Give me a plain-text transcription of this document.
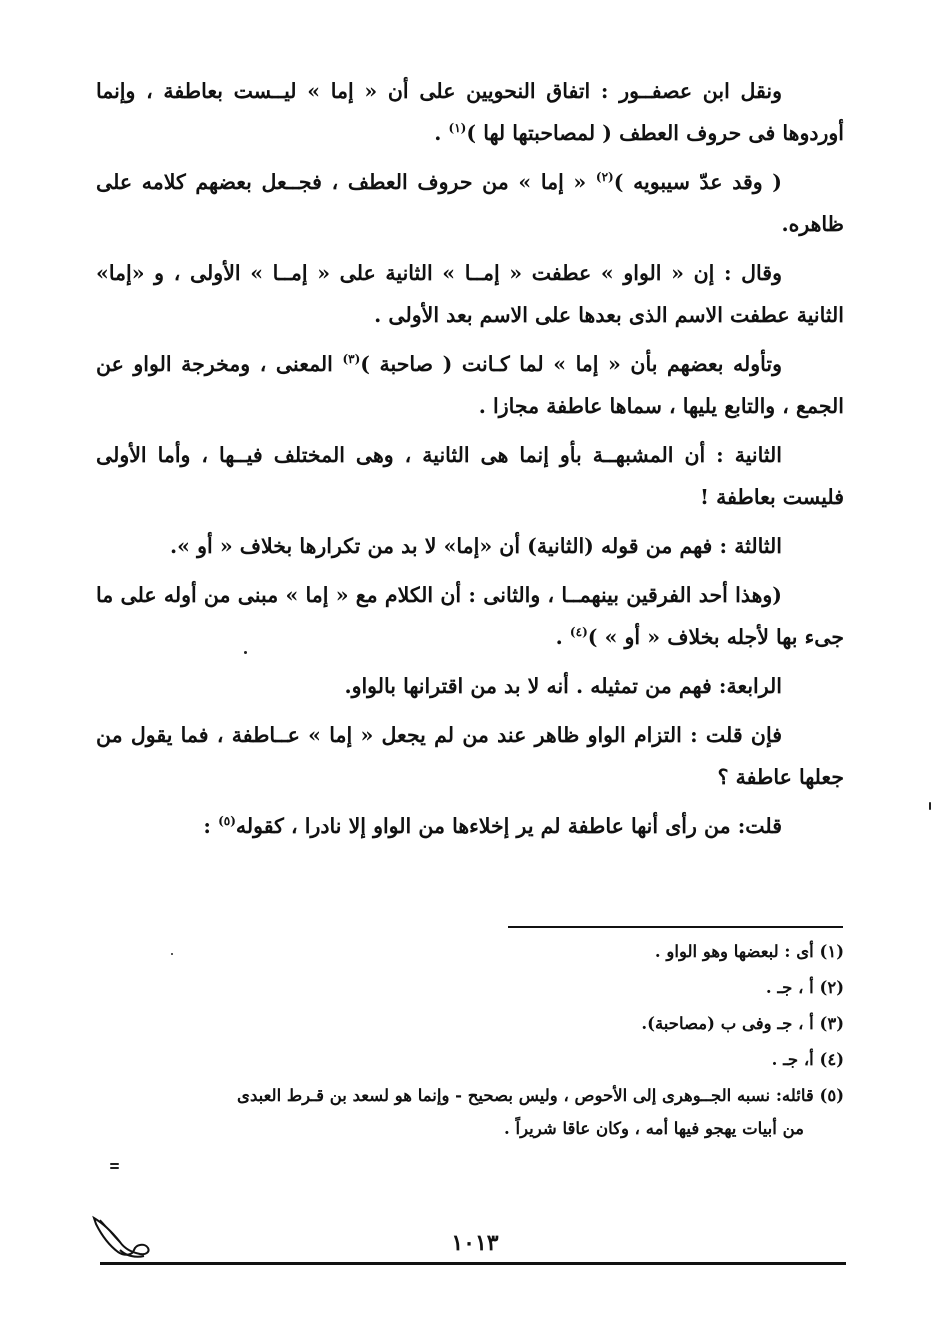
ونقل ابن عصفــور : اتفاق النحويين على أن « إما » ليــست بعاطفة ، وإنما أوردوها فى حروف العطف ( لمصاحبتها لها )$^{(١)}$ .

( وقد عدّ سيبويه )$^{(٢)}$ « إما » من حروف العطف ، فجــعل بعضهم كلامه على ظاهره.

وقال : إن « الواو » عطفت « إمــا » الثانية على « إمــا » الأولى ، و «إما» الثانية عطفت الاسم الذى بعدها على الاسم بعد الأولى .

وتأوله بعضهم بأن « إما » لما كـانت ( صاحبة )$^{(٣)}$ المعنى ، ومخرجة الواو عن الجمع ، والتابع يليها ، سماها عاطفة مجازا .

الثانية : أن المشبهــة بأو إنما هى الثانية ، وهى المختلف فيــها ، وأما الأولى فليست بعاطفة !

الثالثة : فهم من قوله (الثانية) أن «إما» لا بد من تكرارها بخلاف « أو ».

(وهذا أحد الفرقين بينهمــا ، والثانى : أن الكلام مع « إما » مبنى من أوله على ما جىء بها لأجله بخلاف « أو » )$^{(٤)}$ .

الرابعة: فهم من تمثيله . أنه لا بد من اقترانها بالواو.

فإن قلت : التزام الواو ظاهر عند من لم يجعل « إما » عــاطفة ، فما يقول من جعلها عاطفة ؟

قلت: من رأى أنها عاطفة لم ير إخلاءها من الواو إلا نادرا ، كقوله$^{(٥)}$ :

(١) أى : لبعضها وهو الواو .

(٢) أ ، جـ .

(٣) أ ، جـ وفى ب (مصاحبة).

(٤) أ، جـ .

(٥) قائله: نسبه الجــوهرى إلى الأحوص ، وليس بصحيح - وإنما هو لسعد بن قـرط العبدى

من أبيات يهجو فيها أمه ، وكان عاقا شريراً .

١٠١٣
